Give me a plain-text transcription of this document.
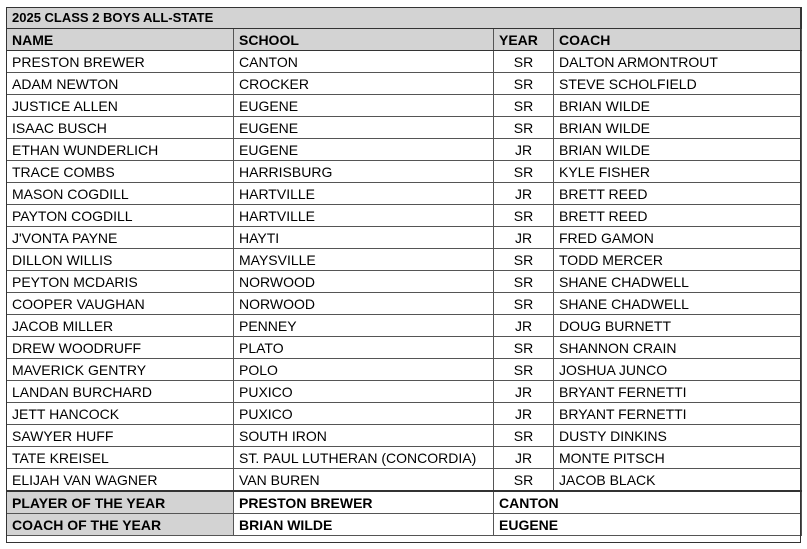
2025 CLASS 2 BOYS ALL-STATE			
NAME	SCHOOL	YEAR	COACH
PRESTON BREWER	CANTON	SR	DALTON ARMONTROUT
ADAM NEWTON	CROCKER	SR	STEVE SCHOLFIELD
JUSTICE ALLEN	EUGENE	SR	BRIAN WILDE
ISAAC BUSCH	EUGENE	SR	BRIAN WILDE
ETHAN WUNDERLICH	EUGENE	JR	BRIAN WILDE
TRACE COMBS	HARRISBURG	SR	KYLE FISHER
MASON COGDILL	HARTVILLE	JR	BRETT REED
PAYTON COGDILL	HARTVILLE	SR	BRETT REED
J'VONTA PAYNE	HAYTI	JR	FRED GAMON
DILLON WILLIS	MAYSVILLE	SR	TODD MERCER
PEYTON MCDARIS	NORWOOD	SR	SHANE CHADWELL
COOPER VAUGHAN	NORWOOD	SR	SHANE CHADWELL
JACOB MILLER	PENNEY	JR	DOUG BURNETT
DREW WOODRUFF	PLATO	SR	SHANNON CRAIN
MAVERICK GENTRY	POLO	SR	JOSHUA JUNCO
LANDAN BURCHARD	PUXICO	JR	BRYANT FERNETTI
JETT HANCOCK	PUXICO	JR	BRYANT FERNETTI
SAWYER HUFF	SOUTH IRON	SR	DUSTY DINKINS
TATE KREISEL	ST. PAUL LUTHERAN (CONCORDIA)	JR	MONTE PITSCH
ELIJAH VAN WAGNER	VAN BUREN	SR	JACOB BLACK
PLAYER OF THE YEAR	PRESTON BREWER	CANTON	
COACH OF THE YEAR	BRIAN WILDE	EUGENE	
